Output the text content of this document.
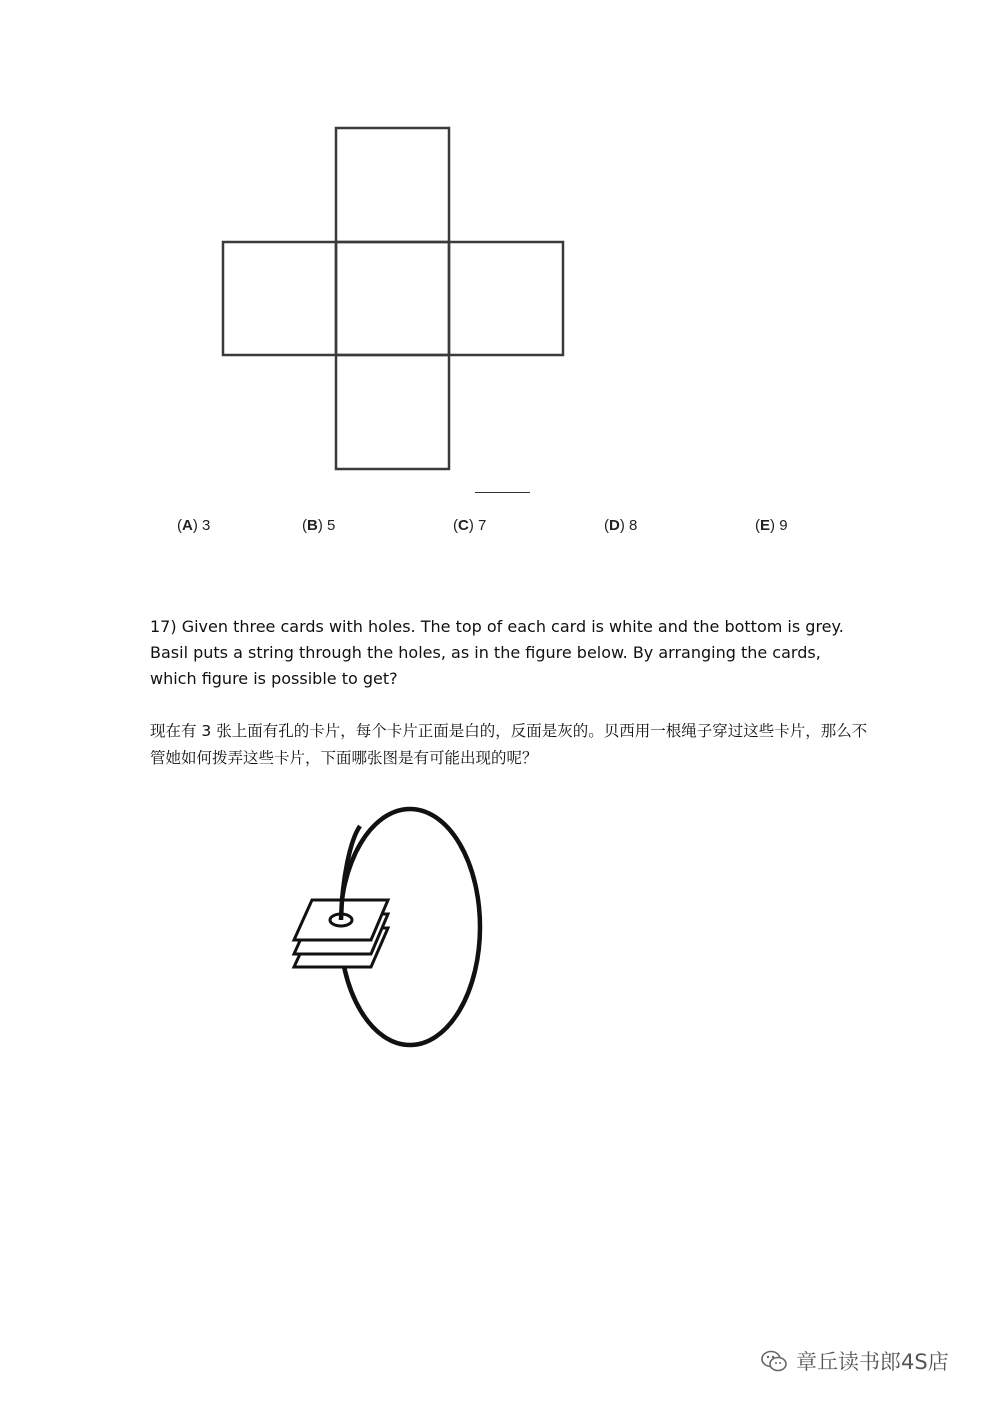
(A) 3	(B) 5	(C) 7	(D) 8	(E) 9
17) Given three cards with holes. The top of each card is white and the bottom is grey. Basil puts a string through the holes, as in the figure below. By arranging the cards, which figure is possible to get?
现在有 3 张上面有孔的卡片，每个卡片正面是白的，反面是灰的。贝西用一根绳子穿过这些卡片，那么不管她如何拨弄这些卡片，下面哪张图是有可能出现的呢？
章丘读书郎4S店
